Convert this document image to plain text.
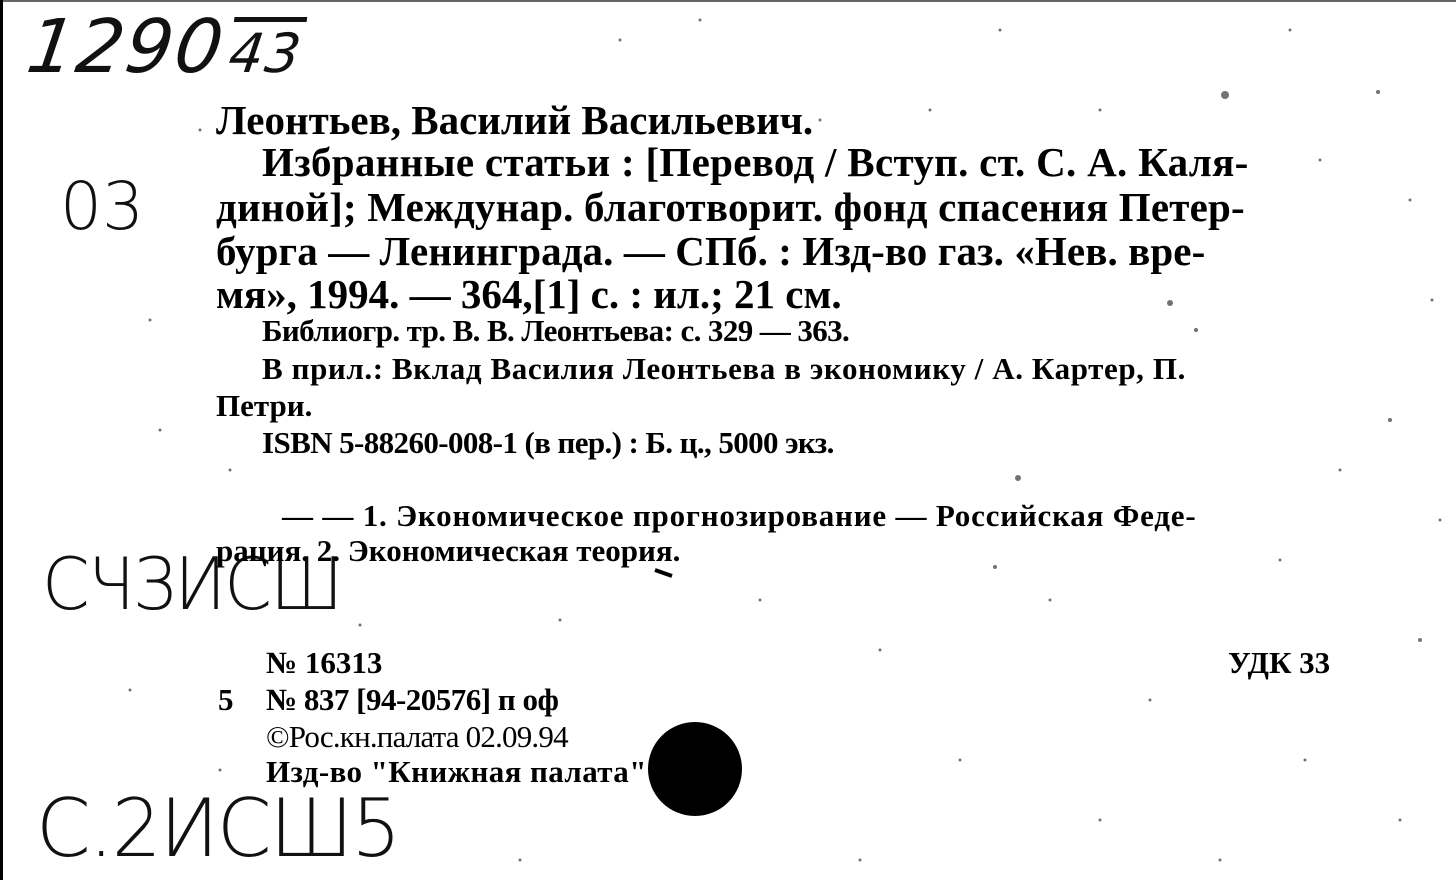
129043
03
СЧЗИСШ
С.2ИСШ5
Леонтьев, Василий Васильевич.
Избранные статьи : [Перевод / Вступ. ст. С. А. Каля-
диной]; Междунар. благотворит. фонд спасения Петер-
бурга — Ленинграда. — СПб. : Изд-во газ. «Нев. вре-
мя», 1994. — 364,[1] с. : ил.; 21 см.
Библиогр. тр. В. В. Леонтьева: с. 329 — 363.
В прил.: Вклад Василия Леонтьева в экономику / А. Картер, П.
Петри.
ISBN 5-88260-008-1 (в пер.) : Б. ц., 5000 экз.
— — 1. Экономическое прогнозирование — Российская Феде-
рация. 2. Экономическая теория.
№ 16313	УДК 33
5 № 837 [94-20576] п оф
©Рос.кн.палата 02.09.94
Изд-во "Книжная палата"
